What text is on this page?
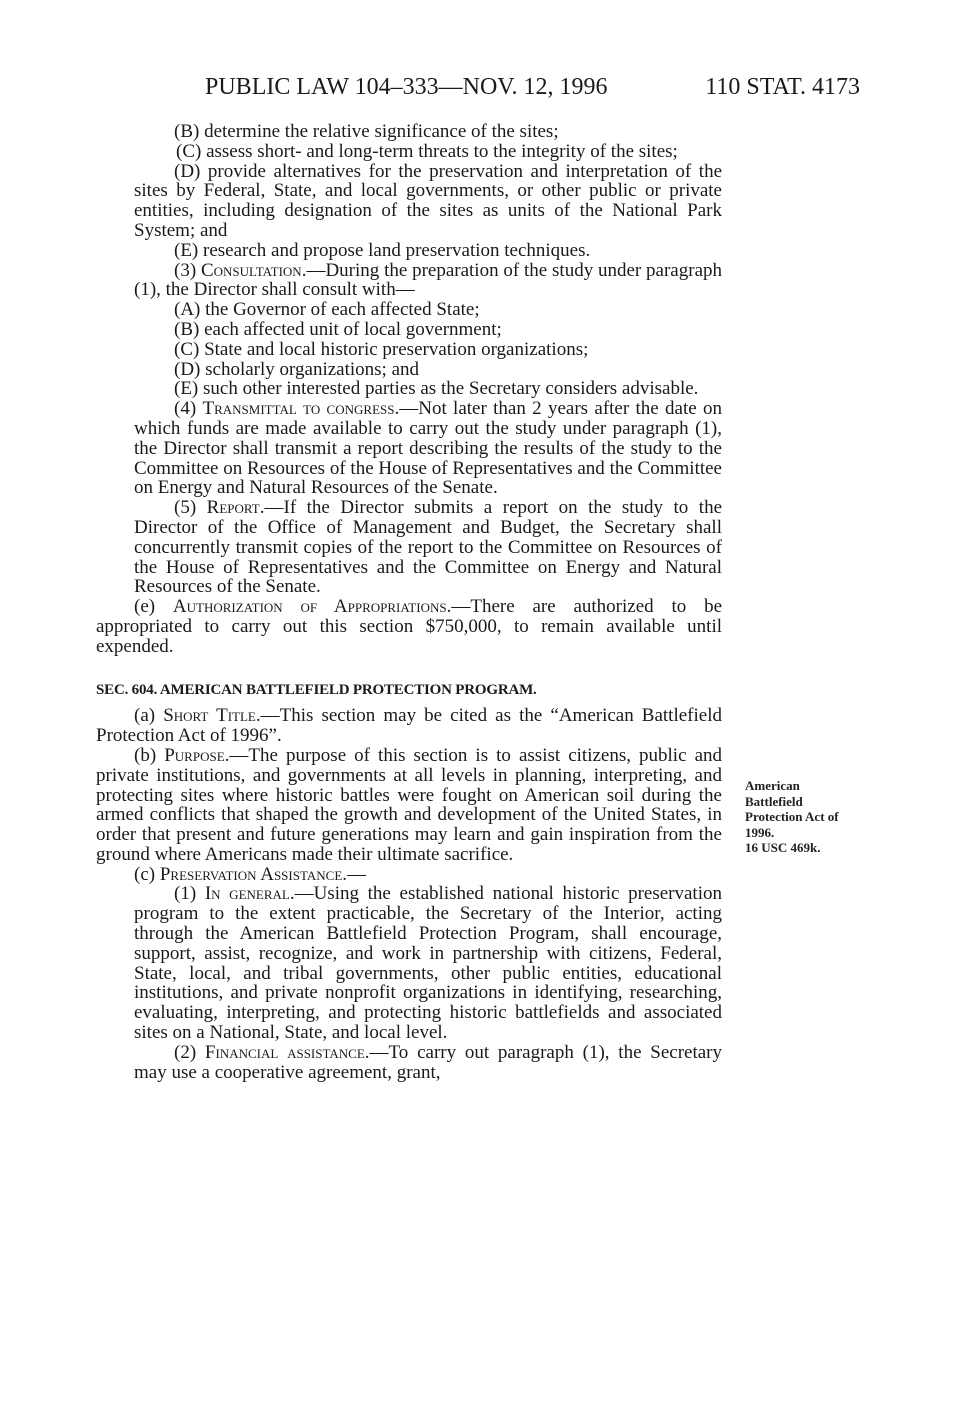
PUBLIC LAW 104–333—NOV. 12, 1996	110 STAT. 4173

(B) determine the relative significance of the sites;

(C) assess short- and long-term threats to the integrity of the sites;

(D) provide alternatives for the preservation and interpretation of the sites by Federal, State, and local governments, or other public or private entities, including designation of the sites as units of the National Park System; and

(E) research and propose land preservation techniques.

(3) Consultation.—During the preparation of the study under paragraph (1), the Director shall consult with—

(A) the Governor of each affected State;

(B) each affected unit of local government;

(C) State and local historic preservation organizations;

(D) scholarly organizations; and

(E) such other interested parties as the Secretary considers advisable.

(4) Transmittal to congress.—Not later than 2 years after the date on which funds are made available to carry out the study under paragraph (1), the Director shall transmit a report describing the results of the study to the Committee on Resources of the House of Representatives and the Committee on Energy and Natural Resources of the Senate.

(5) Report.—If the Director submits a report on the study to the Director of the Office of Management and Budget, the Secretary shall concurrently transmit copies of the report to the Committee on Resources of the House of Representatives and the Committee on Energy and Natural Resources of the Senate.

(e) Authorization of Appropriations.—There are authorized to be appropriated to carry out this section $750,000, to remain available until expended.

SEC. 604. AMERICAN BATTLEFIELD PROTECTION PROGRAM.

(a) Short Title.—This section may be cited as the “American Battlefield Protection Act of 1996”.

(b) Purpose.—The purpose of this section is to assist citizens, public and private institutions, and governments at all levels in planning, interpreting, and protecting sites where historic battles were fought on American soil during the armed conflicts that shaped the growth and development of the United States, in order that present and future generations may learn and gain inspiration from the ground where Americans made their ultimate sacrifice.

(c) Preservation Assistance.—

(1) In general.—Using the established national historic preservation program to the extent practicable, the Secretary of the Interior, acting through the American Battlefield Protection Program, shall encourage, support, assist, recognize, and work in partnership with citizens, Federal, State, local, and tribal governments, other public entities, educational institutions, and private nonprofit organizations in identifying, researching, evaluating, interpreting, and protecting historic battlefields and associated sites on a National, State, and local level.

(2) Financial assistance.—To carry out paragraph (1), the Secretary may use a cooperative agreement, grant,

American
Battlefield
Protection Act of
1996.
16 USC 469k.
